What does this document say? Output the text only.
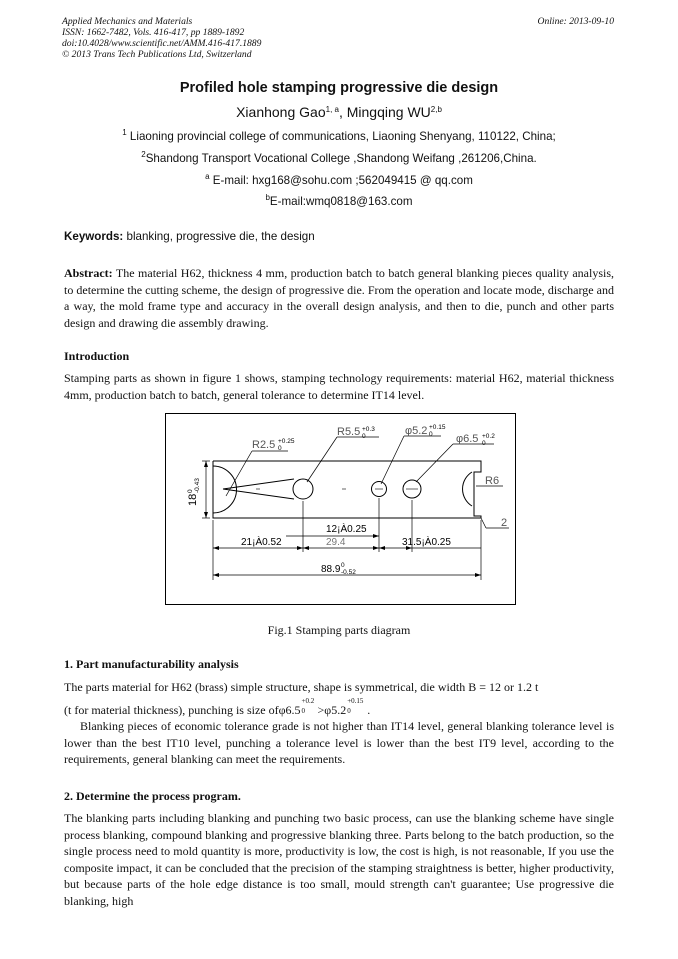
Applied Mechanics and Materials
ISSN: 1662-7482, Vols. 416-417, pp 1889-1892
doi:10.4028/www.scientific.net/AMM.416-417.1889
© 2013 Trans Tech Publications Ltd, Switzerland
Online: 2013-09-10
Profiled hole stamping progressive die design
Xianhong Gao$^{1, a}$, Mingqing WU$^{2,b}$
$^1$ Liaoning provincial college of communications, Liaoning Shenyang, 110122, China;
$^2$Shandong Transport Vocational College ,Shandong Weifang ,261206,China.
$^a$ E-mail: hxg168@sohu.com ;562049415 @ qq.com
$^b$E-mail:wmq0818@163.com
Keywords: blanking, progressive die, the design
Abstract: The material H62, thickness 4 mm, production batch to batch general blanking pieces quality analysis, to determine the cutting scheme, the design of progressive die. From the operation and locate mode, discharge and a way, the mold frame type and accuracy in the overall design analysis, and then to die, punch and other parts design and drawing die assembly drawing.
Introduction
Stamping parts as shown in figure 1 shows, stamping technology requirements: material H62, material thickness 4mm, production batch to batch, general tolerance to determine IT14 level.
R2.5 +0.25
0
R5.5 +0.3
0	φ5.2 +0.15
0 φ6.5 +0.2
0
R6
18
0 -0.43
12¡À0.25
21¡À0.52	29.4	31.5¡À0.25
2
88.9 0
-0.52
Fig.1 Stamping parts diagram
1. Part manufacturability analysis
The parts material for H62 (brass) simple structure, shape is symmetrical, die width B = 12 or 1.2 t
(t for material thickness), punching is size ofφ6.5
+0.2
0 >φ5.2
+0.15
0 .
Blanking pieces of economic tolerance grade is not higher than IT14 level, general blanking tolerance level is lower than the best IT10 level, punching a tolerance level is lower than the best IT9 level, according to the requirements, general blanking can meet the requirements.
2. Determine the process program.
The blanking parts including blanking and punching two basic process, can use the blanking scheme have single process blanking, compound blanking and progressive blanking three. Parts belong to the batch production, so the single process need to mold quantity is more, productivity is low, the cost is high, is not reasonable, If you use the composite impact, it can be concluded that the precision of the stamping straightness is better, higher productivity, but because parts of the hole edge distance is too small, mould strength can't guarantee; Use progressive die blanking, high
